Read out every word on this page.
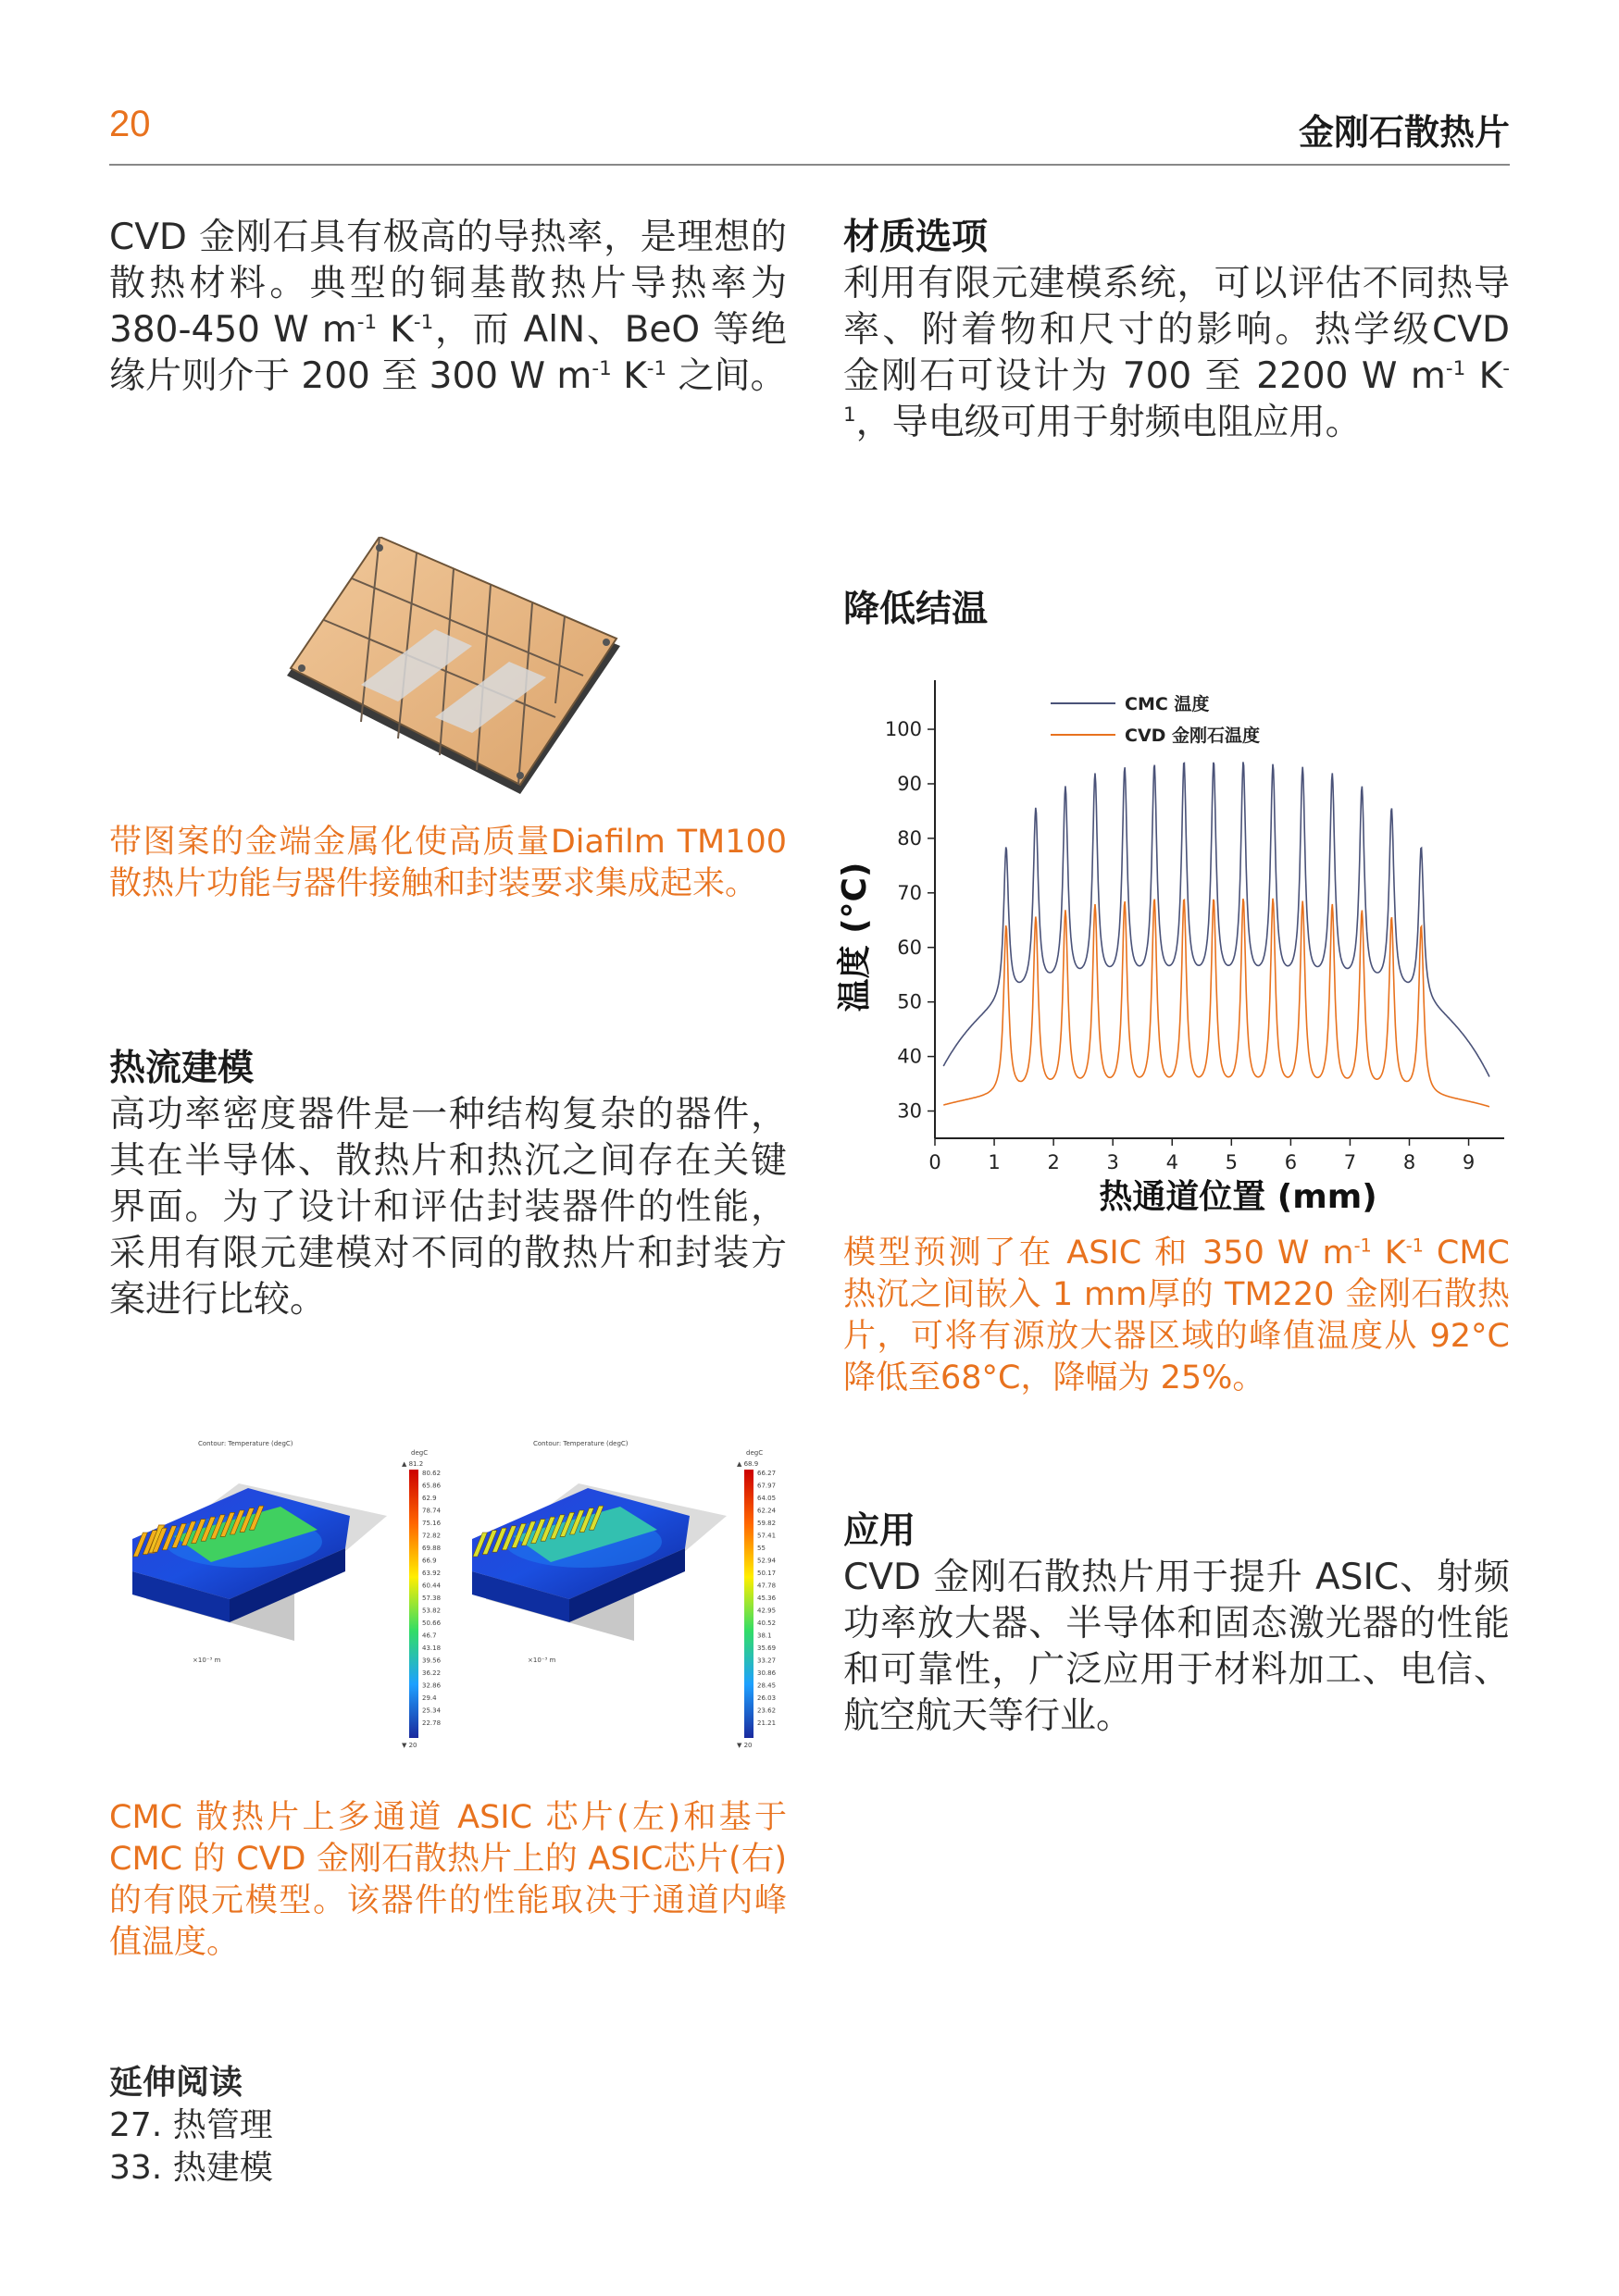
20	金刚石散热片
CVD 金刚石具有极高的导热率，是理想的散热材料。典型的铜基散热片导热率为 380-450 W $m^{-1}$ $K^{-1}$，而 AlN、BeO 等绝缘片则介于 200 至 300 W $m^{-1}$ $K^{-1}$ 之间。
带图案的金端金属化使高质量Diafilm TM100散热片功能与器件接触和封装要求集成起来。
热流建模
高功率密度器件是一种结构复杂的器件，其在半导体、散热片和热沉之间存在关键界面。为了设计和评估封装器件的性能，采用有限元建模对不同的散热片和封装方案进行比较。
Contour: Temperature (degC)
degC
▲ 81.2
80.62
65.86
62.9
78.74
75.16
72.82
69.88
66.9
63.92
60.44
57.38
53.82
50.66
46.7
43.18
39.56
36.22
32.86
29.4
25.34
22.78
▼ 20
×10⁻³ m
Contour: Temperature (degC)
degC
▲ 68.9
66.27
67.97
64.05
62.24
59.82
57.41
55
52.94
50.17
47.78
45.36
42.95
40.52
38.1
35.69
33.27
30.86
28.45
26.03
23.62
21.21
▼ 20
×10⁻³ m
CMC 散热片上多通道 ASIC 芯片(左)和基于CMC 的 CVD 金刚石散热片上的 ASIC芯片(右)的有限元模型。该器件的性能取决于通道内峰值温度。
延伸阅读
27. 热管理
33. 热建模
材质选项
利用有限元建模系统，可以评估不同热导率、附着物和尺寸的影响。热学级CVD 金刚石可设计为 700 至 2200 W $m^{-1}$ $K^{-1}$，导电级可用于射频电阻应用。
降低结温
30
40
50
60
70
80
90
100
0 1 2 3 4 5 6 7 8 9
热通道位置 (mm)
温度 (°C)
CMC 温度
CVD 金刚石温度
模型预测了在 ASIC 和 350 W $m^{-1}$ $K^{-1}$ CMC 热沉之间嵌入 1 mm厚的 TM220 金刚石散热片，可将有源放大器区域的峰值温度从 92°C 降低至68°C，降幅为 25%。
应用
CVD 金刚石散热片用于提升 ASIC、射频功率放大器、半导体和固态激光器的性能和可靠性，广泛应用于材料加工、电信、航空航天等行业。
